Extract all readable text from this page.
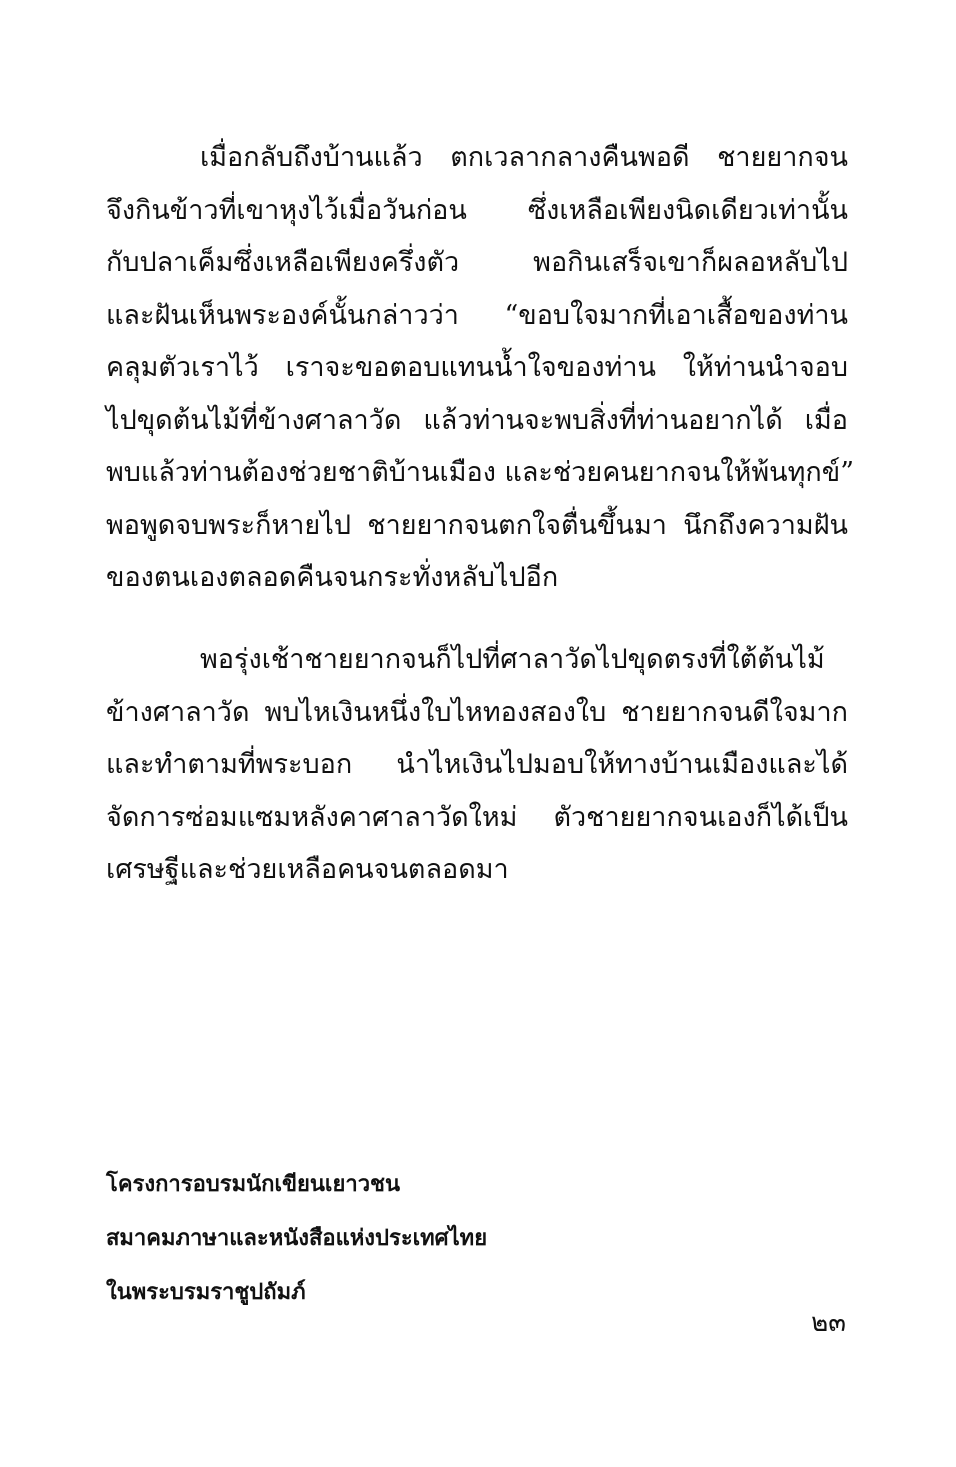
เมื่อกลับถึงบ้านแล้ว ตกเวลากลางคืนพอดี ชายยากจน
จึงกินข้าวที่เขาหุงไว้เมื่อวันก่อน ซึ่งเหลือเพียงนิดเดียวเท่านั้น
กับปลาเค็มซึ่งเหลือเพียงครึ่งตัว พอกินเสร็จเขาก็ผลอหลับไป
และฝันเห็นพระองค์นั้นกล่าวว่า “ขอบใจมากที่เอาเสื้อของท่าน
คลุมตัวเราไว้ เราจะขอตอบแทนน้ำใจของท่าน ให้ท่านนำจอบ
ไปขุดต้นไม้ที่ข้างศาลาวัด แล้วท่านจะพบสิ่งที่ท่านอยากได้ เมื่อ
พบแล้วท่านต้องช่วยชาติบ้านเมือง และช่วยคนยากจนให้พ้นทุกข์”
พอพูดจบพระก็หายไป ชายยากจนตกใจตื่นขึ้นมา นึกถึงความฝัน
ของตนเองตลอดคืนจนกระทั่งหลับไปอีก

พอรุ่งเช้าชายยากจนก็ไปที่ศาลาวัดไปขุดตรงที่ใต้ต้นไม้
ข้างศาลาวัด พบไหเงินหนึ่งใบไหทองสองใบ ชายยากจนดีใจมาก
และทำตามที่พระบอก นำไหเงินไปมอบให้ทางบ้านเมืองและได้
จัดการซ่อมแซมหลังคาศาลาวัดใหม่ ตัวชายยากจนเองก็ได้เป็น
เศรษฐีและช่วยเหลือคนจนตลอดมา

โครงการอบรมนักเขียนเยาวชน
สมาคมภาษาและหนังสือแห่งประเทศไทย
ในพระบรมราชูปถัมภ์
๒๓
